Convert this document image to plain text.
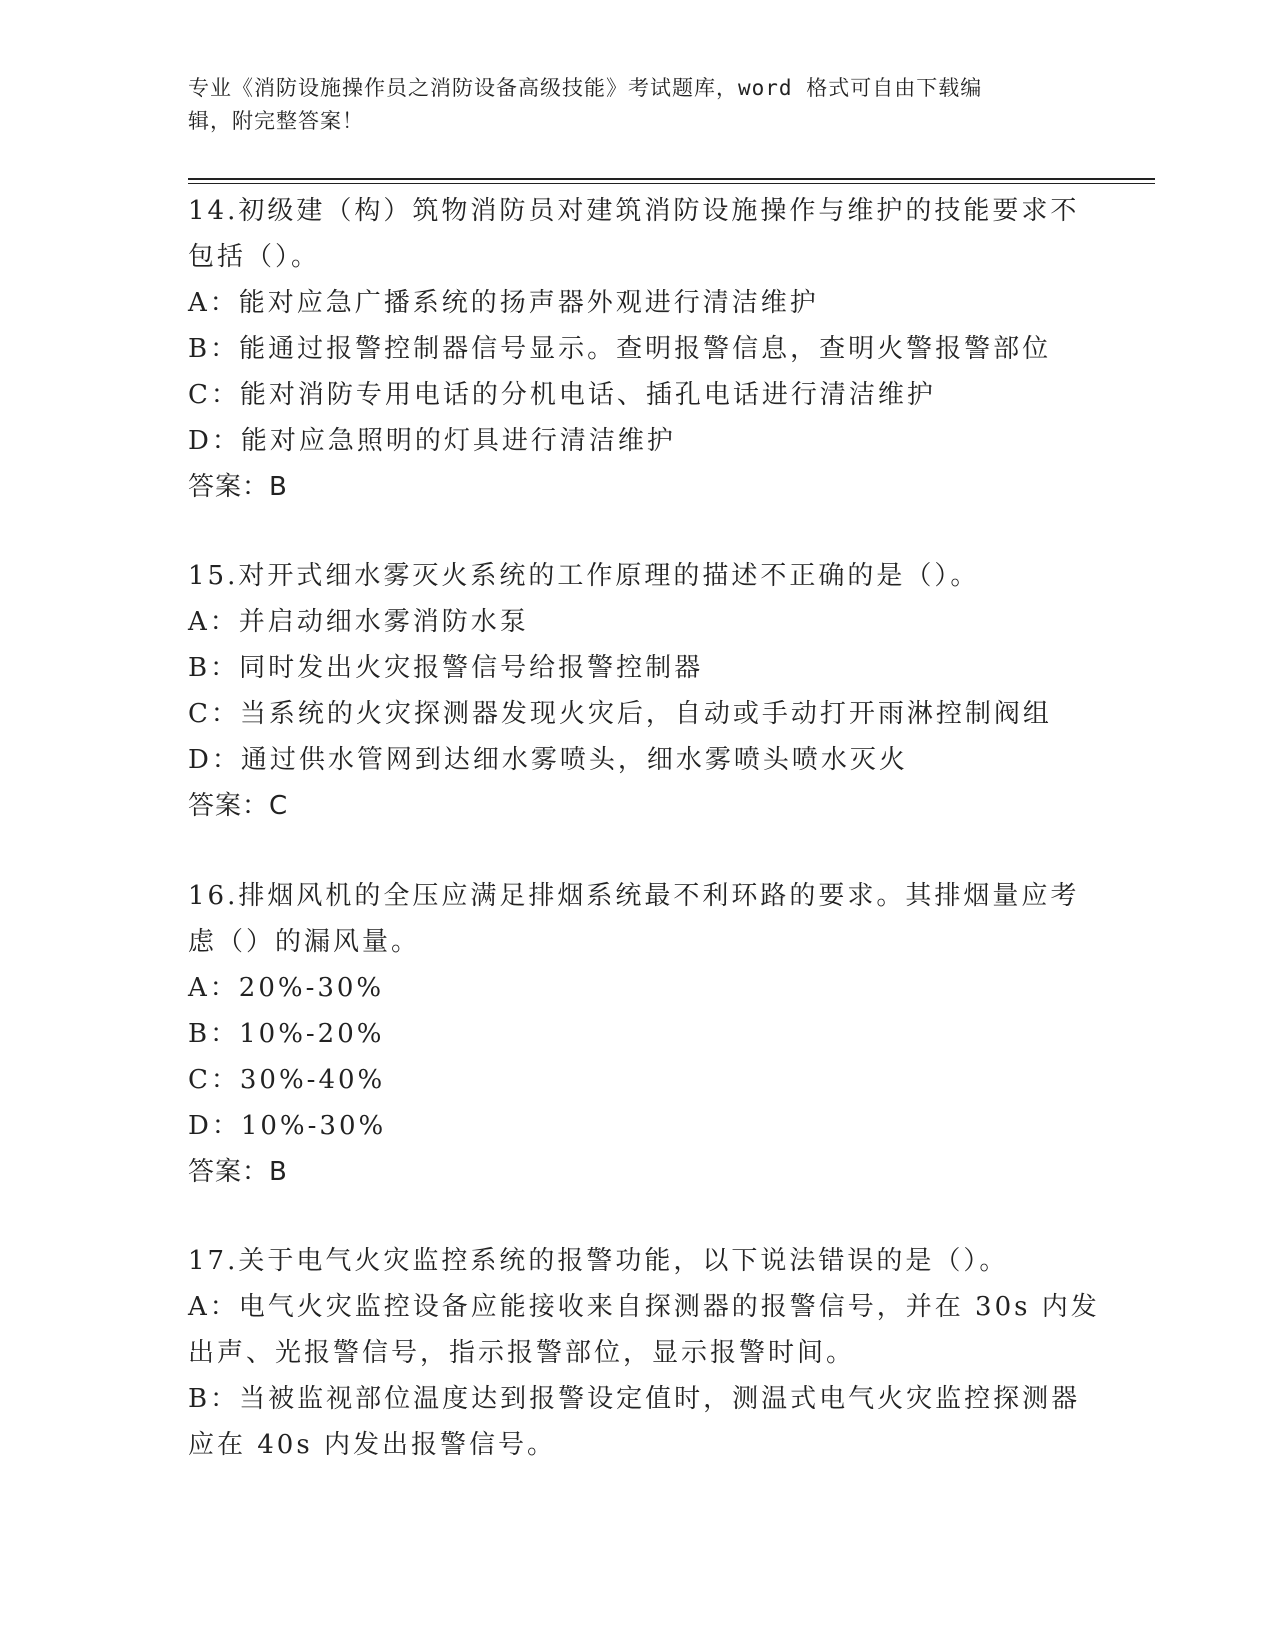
专业《消防设施操作员之消防设备高级技能》考试题库，word 格式可自由下载编
辑，附完整答案！
14.初级建（构）筑物消防员对建筑消防设施操作与维护的技能要求不
包括（）。
A：能对应急广播系统的扬声器外观进行清洁维护
B：能通过报警控制器信号显示。查明报警信息，查明火警报警部位
C：能对消防专用电话的分机电话、插孔电话进行清洁维护
D：能对应急照明的灯具进行清洁维护
答案：B
15.对开式细水雾灭火系统的工作原理的描述不正确的是（）。
A：并启动细水雾消防水泵
B：同时发出火灾报警信号给报警控制器
C：当系统的火灾探测器发现火灾后，自动或手动打开雨淋控制阀组
D：通过供水管网到达细水雾喷头，细水雾喷头喷水灭火
答案：C
16.排烟风机的全压应满足排烟系统最不利环路的要求。其排烟量应考
虑（）的漏风量。
A：20%-30%
B：10%-20%
C：30%-40%
D：10%-30%
答案：B
17.关于电气火灾监控系统的报警功能，以下说法错误的是（）。
A：电气火灾监控设备应能接收来自探测器的报警信号，并在 30s 内发
出声、光报警信号，指示报警部位，显示报警时间。
B：当被监视部位温度达到报警设定值时，测温式电气火灾监控探测器
应在 40s 内发出报警信号。
